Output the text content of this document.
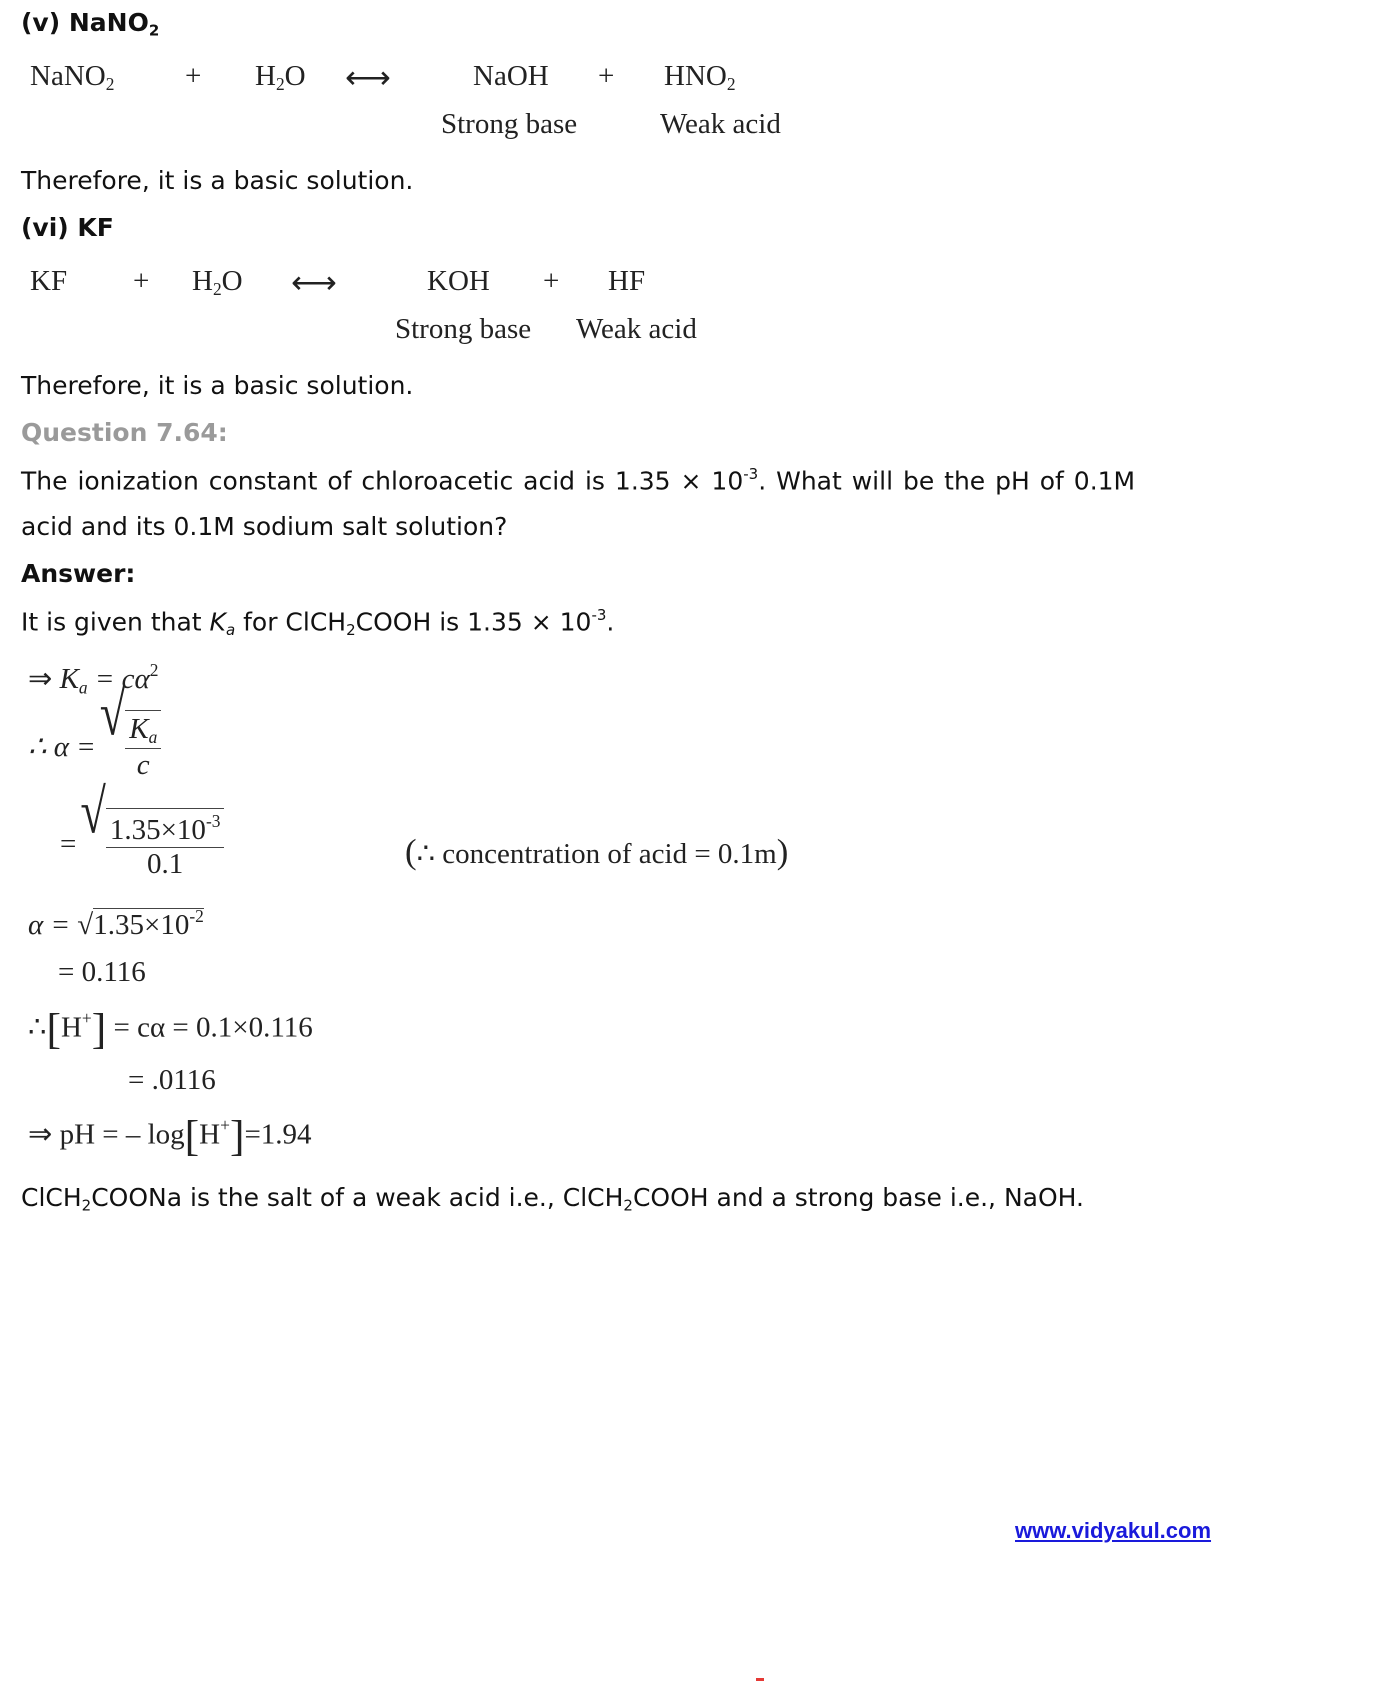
(v) NaNO$_2$
NaNO$_2$ + $H_2O$ ⟷	NaOH + $HNO_2$
Strong base	Weak acid
Therefore, it is a basic solution.
(vi) KF
KF + $H_2O$ ⟷	KOH + HF
Strong base Weak acid
Therefore, it is a basic solution.
Question 7.64:
The ionization constant of chloroacetic acid is $1.35 \times 10^{-3}$. What will be the pH of 0.1M
acid and its 0.1M sodium salt solution?
Answer:
It is given that $K_a$ for ClCH$_2$COOH is $1.35 \times 10^{-3}$.
⇒ $K_a = c\alpha^2$
∴ α = √ $\frac{K_a}{c}$
= √ $\frac{1.35\times 10^{-3}}{0.1}$	(∴ concentration of acid = 0.1m)
$\alpha = √1.35\times 10^{-2}$
= 0.116
∴[H+] = cα = 0.1×0.116
= .0116
⇒ pH = – log[H+]=1.94
ClCH$_2$COONa is the salt of a weak acid i.e., ClCH$_2$COOH and a strong base i.e., NaOH.
www.vidyakul.com
